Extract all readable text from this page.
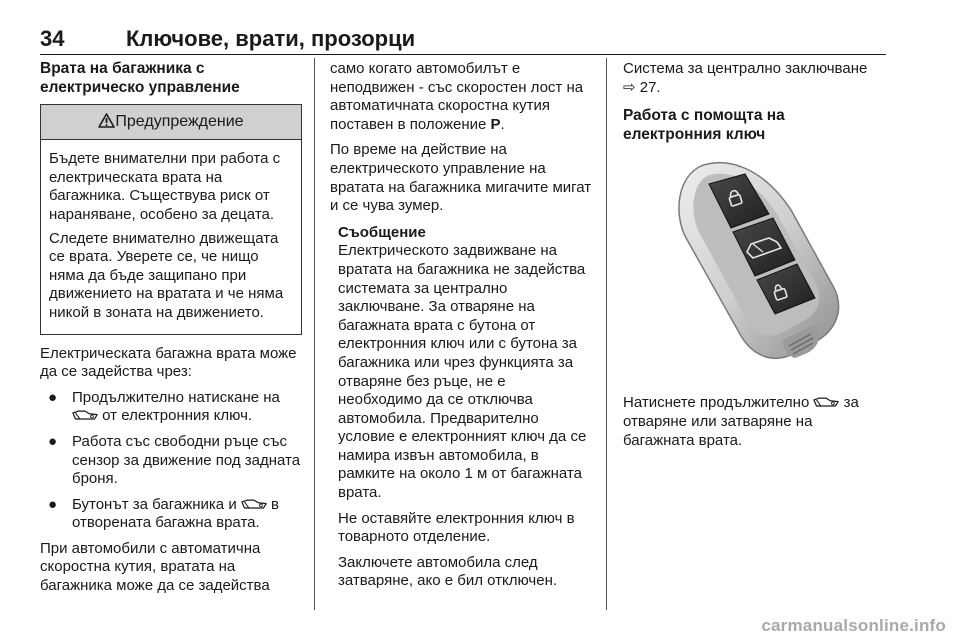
34	Ключове, врати, прозорци
Врата на багажника с
електрическо управление
Предупреждение

Бъдете внимателни при работа с електрическата врата на багажника. Съществува риск от нараняване, особено за децата.

Следете внимателно движещата се врата. Уверете се, че нищо няма да бъде защипано при движението на вратата и че няма никой в зоната на движението.

Електрическата багажна врата може да се задейства чрез:

● Продължително натискане на  от електронния ключ.
● Работа със свободни ръце със сензор за движение под задната броня.
● Бутонът за багажника и в отворената багажна врата.

При автомобили с автоматична скоростна кутия, вратата на багажника може да се задейства

само когато автомобилът е неподвижен - със скоростен лост на автоматичната скоростна кутия поставен в положение P.

По време на действие на електрическото управление на вратата на багажника мигачите мигат и се чува зумер.

Съобщение

Електрическото задвижване на вратата на багажника не задейства системата за централно заключване. За отваряне на багажната врата с бутона от електронния ключ или с бутона за багажника или чрез функцията за отваряне без ръце, не е необходимо да се отключва автомобила. Предварително условие е електронният ключ да се намира извън автомобила, в рамките на около 1 м от багажната врата.

Не оставяйте електронния ключ в товарното отделение.

Заключете автомобила след затваряне, ако е бил отключен.

Система за централно заключване
⇨ 27.

Работа с помощта на електронния ключ

Натиснете продължително за отваряне или затваряне на багажната врата.

carmanualsonline.info
